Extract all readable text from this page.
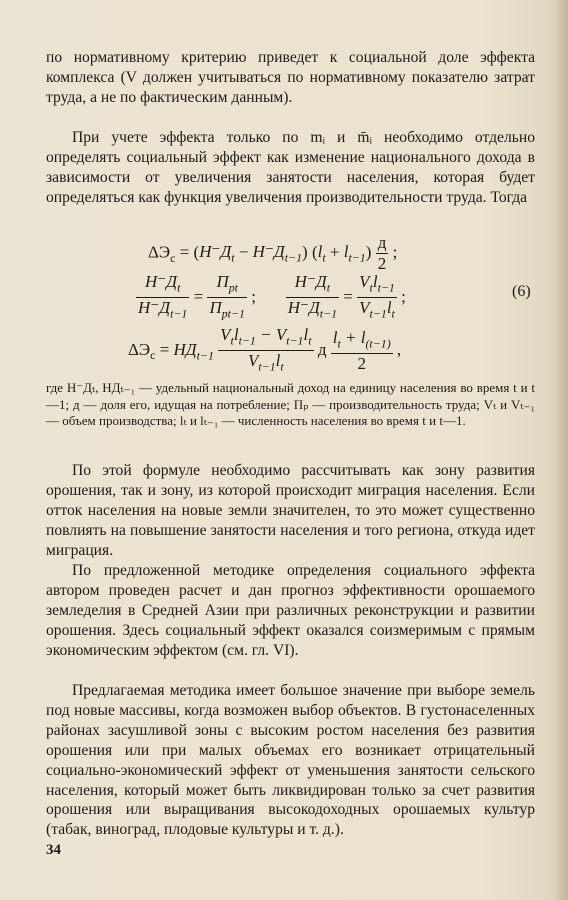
по нормативному критерию приведет к социальной доле эффекта комплекса (V должен учитываться по нормативному показателю затрат труда, а не по фактическим данным).

При учете эффекта только по mᵢ и m̄ᵢ необходимо отдельно определять социальный эффект как изменение национального дохода в зависимости от увеличения занятости населения, которая будет определяться как функция увеличения производительности труда. Тогда

$\Delta Э_с = (Н^-Д_t - Н^-Д_{t-1}) (l_t + l_{t-1}) \frac{д}{2}$ ;
$\frac{Н^-Д_t}{Н^-Д_{t-1}} = \frac{П_{pt}}{П_{pt-1}}$ ; $\frac{Н^-Д_t}{Н^-Д_{t-1}} = \frac{V_tl_{t-1}}{V_{t-1}l_t}$ ;	(6)
$\Delta Э_с = НД_{t-1} \frac{V_tl_{t-1} - V_{t-1}l_t}{V_{t-1}l_t}$ д $\frac{l_t + l_{(t-1)}}{2}$ ,

где Н⁻Дₜ, НДₜ₋₁ — удельный национальный доход на единицу населения во время t и t—1; д — доля его, идущая на потребление; Пₚ — производительность труда; Vₜ и Vₜ₋₁ — объем производства; lₜ и lₜ₋₁ — численность населения во время t и t—1.

По этой формуле необходимо рассчитывать как зону развития орошения, так и зону, из которой происходит миграция населения. Если отток населения на новые земли значителен, то это может существенно повлиять на повышение занятости населения и того региона, откуда идет миграция.

По предложенной методике определения социального эффекта автором проведен расчет и дан прогноз эффективности орошаемого земледелия в Средней Азии при различных реконструкции и развитии орошения. Здесь социальный эффект оказался соизмеримым с прямым экономическим эффектом (см. гл. VI).

Предлагаемая методика имеет большое значение при выборе земель под новые массивы, когда возможен выбор объектов. В густонаселенных районах засушливой зоны с высоким ростом населения без развития орошения или при малых объемах его возникает отрицательный социально-экономический эффект от уменьшения занятости сельского населения, который может быть ликвидирован только за счет развития орошения или выращивания высокодоходных орошаемых культур (табак, виноград, плодовые культуры и т. д.).

34
